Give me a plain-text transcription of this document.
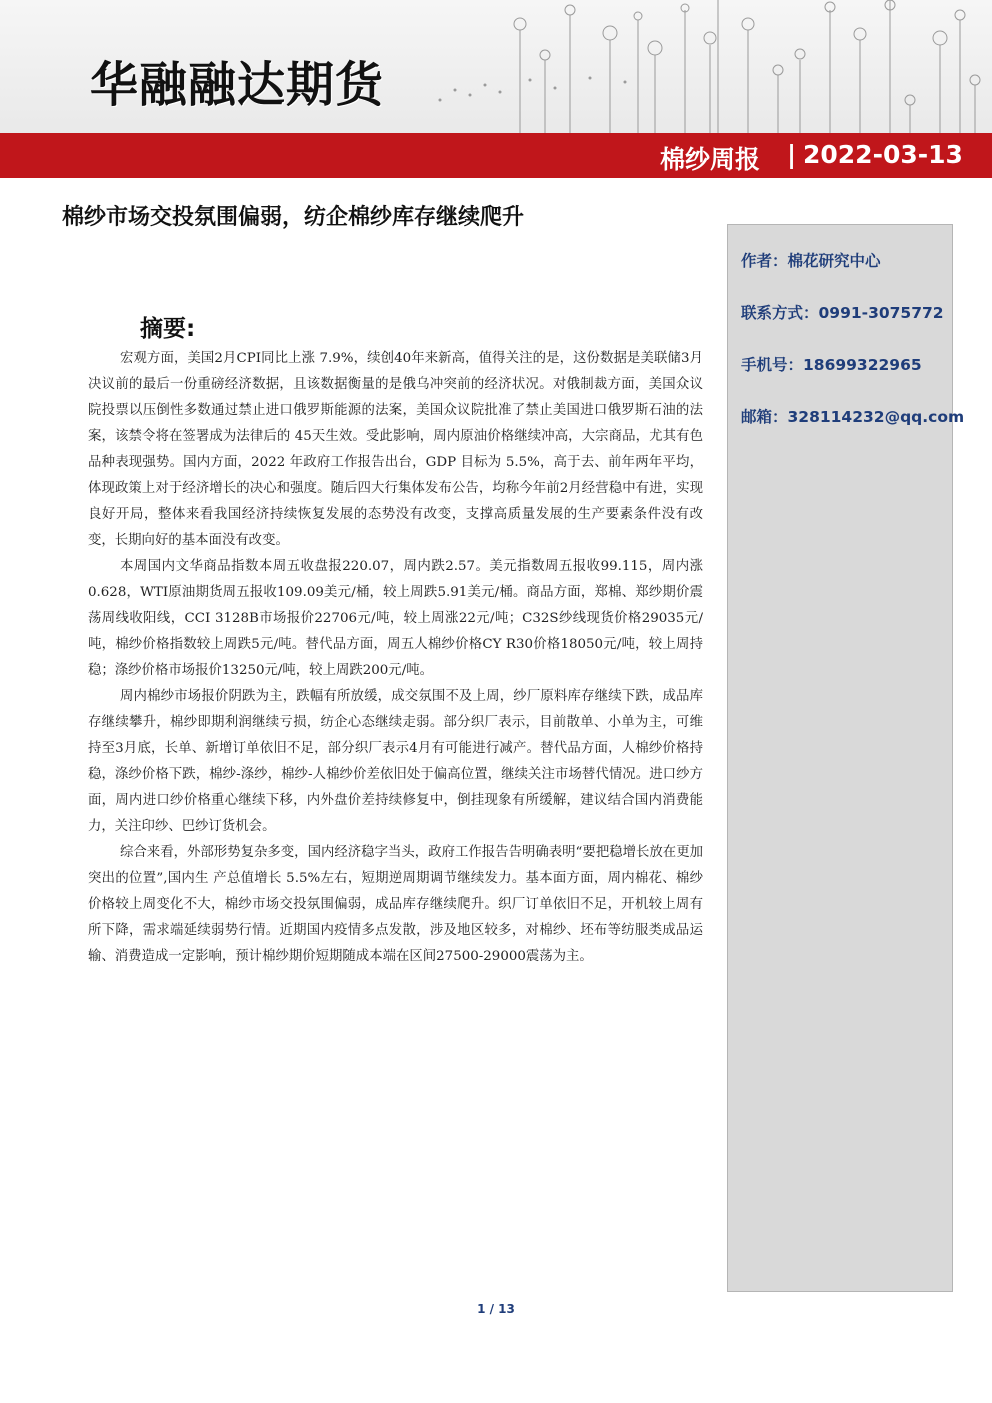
华融融达期货
棉纱周报 | 2022-03-13
棉纱市场交投氛围偏弱，纺企棉纱库存继续爬升

作者：棉花研究中心

联系方式：0991-3075772

手机号：18699322965

邮箱：328114232@qq.com

摘要:

宏观方面，美国2月CPI同比上涨 7.9%，续创40年来新高，值得关注的是，这份数据是美联储3月决议前的最后一份重磅经济数据，且该数据衡量的是俄乌冲突前的经济状况。对俄制裁方面，美国众议院投票以压倒性多数通过禁止进口俄罗斯能源的法案，美国众议院批准了禁止美国进口俄罗斯石油的法案，该禁令将在签署成为法律后的 45天生效。受此影响，周内原油价格继续冲高，大宗商品，尤其有色品种表现强势。国内方面，2022 年政府工作报告出台，GDP 目标为 5.5%，高于去、前年两年平均，体现政策上对于经济增长的决心和强度。随后四大行集体发布公告，均称今年前2月经营稳中有进，实现良好开局，整体来看我国经济持续恢复发展的态势没有改变，支撑高质量发展的生产要素条件没有改变，长期向好的基本面没有改变。

本周国内文华商品指数本周五收盘报220.07，周内跌2.57。美元指数周五报收99.115，周内涨0.628，WTI原油期货周五报收109.09美元/桶，较上周跌5.91美元/桶。商品方面，郑棉、郑纱期价震荡周线收阳线，CCI 3128B市场报价22706元/吨，较上周涨22元/吨；C32S纱线现货价格29035元/吨，棉纱价格指数较上周跌5元/吨。替代品方面，周五人棉纱价格CY R30价格18050元/吨，较上周持稳；涤纱价格市场报价13250元/吨，较上周跌200元/吨。

周内棉纱市场报价阴跌为主，跌幅有所放缓，成交氛围不及上周，纱厂原料库存继续下跌，成品库存继续攀升，棉纱即期利润继续亏损，纺企心态继续走弱。部分织厂表示，目前散单、小单为主，可维持至3月底，长单、新增订单依旧不足，部分织厂表示4月有可能进行减产。替代品方面，人棉纱价格持稳，涤纱价格下跌，棉纱-涤纱，棉纱-人棉纱价差依旧处于偏高位置，继续关注市场替代情况。进口纱方面，周内进口纱价格重心继续下移，内外盘价差持续修复中，倒挂现象有所缓解，建议结合国内消费能力，关注印纱、巴纱订货机会。

综合来看，外部形势复杂多变，国内经济稳字当头，政府工作报告告明确表明“要把稳增长放在更加突出的位置”,国内生 产总值增长 5.5%左右，短期逆周期调节继续发力。基本面方面，周内棉花、棉纱价格较上周变化不大，棉纱市场交投氛围偏弱，成品库存继续爬升。织厂订单依旧不足，开机较上周有所下降，需求端延续弱势行情。近期国内疫情多点发散，涉及地区较多，对棉纱、坯布等纺服类成品运输、消费造成一定影响，预计棉纱期价短期随成本端在区间27500-29000震荡为主。

1 / 13
